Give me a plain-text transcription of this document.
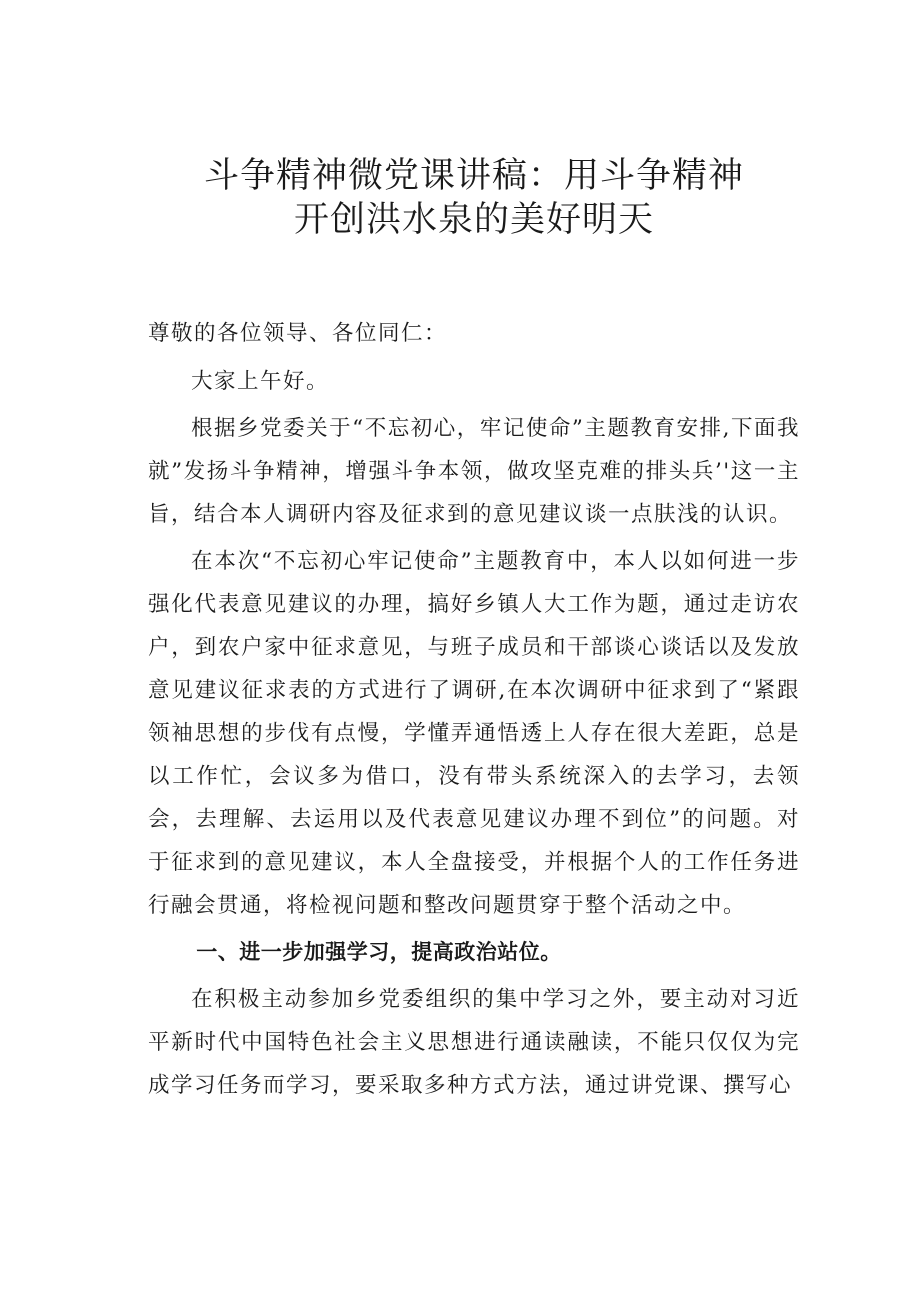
斗争精神微党课讲稿：用斗争精神
开创洪水泉的美好明天

尊敬的各位领导、各位同仁：

大家上午好。

根据乡党委关于“不忘初心，牢记使命”主题教育安排,下面我就”发扬斗争精神，增强斗争本领，做攻坚克难的排头兵’'这一主旨，结合本人调研内容及征求到的意见建议谈一点肤浅的认识。

在本次“不忘初心牢记使命”主题教育中，本人以如何进一步强化代表意见建议的办理，搞好乡镇人大工作为题，通过走访农户，到农户家中征求意见，与班子成员和干部谈心谈话以及发放意见建议征求表的方式进行了调研,在本次调研中征求到了“紧跟领袖思想的步伐有点慢，学懂弄通悟透上人存在很大差距，总是以工作忙，会议多为借口，没有带头系统深入的去学习，去领会，去理解、去运用以及代表意见建议办理不到位”的问题。对于征求到的意见建议，本人全盘接受，并根据个人的工作任务进行融会贯通，将检视问题和整改问题贯穿于整个活动之中。

一、进一步加强学习，提高政治站位。

在积极主动参加乡党委组织的集中学习之外，要主动对习近平新时代中国特色社会主义思想进行通读融读，不能只仅仅为完成学习任务而学习，要采取多种方式方法，通过讲党课、撰写心
